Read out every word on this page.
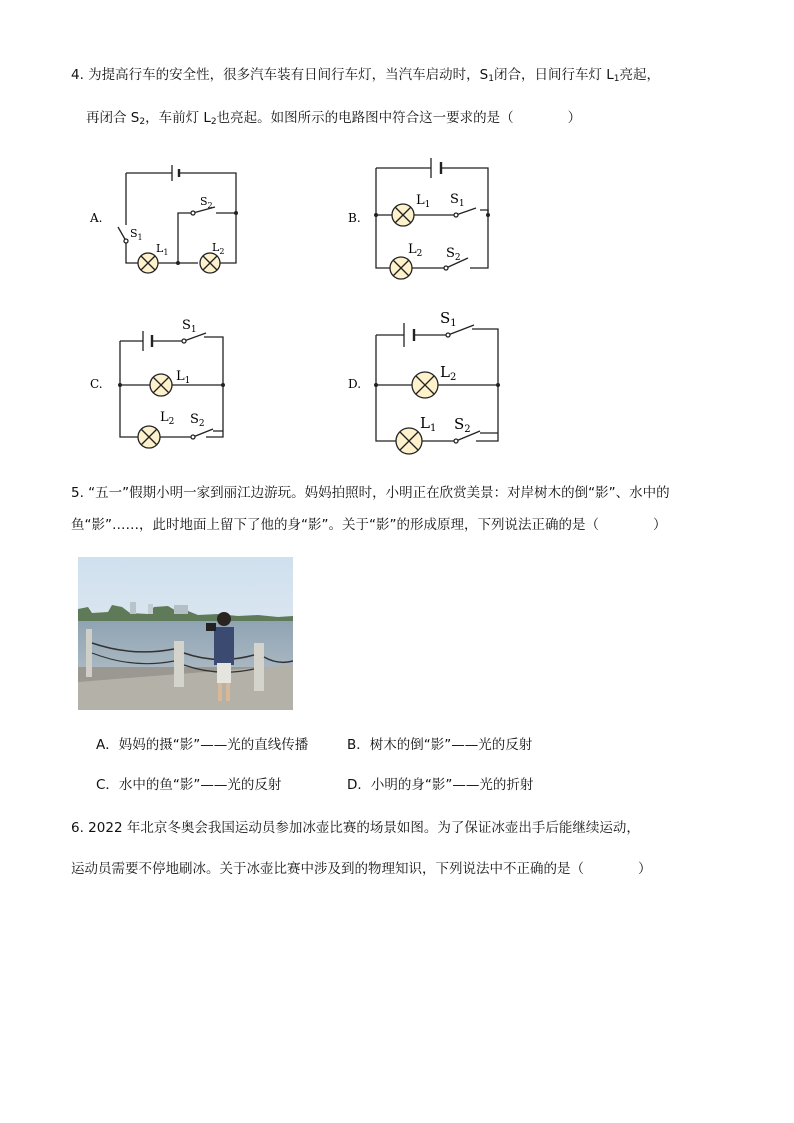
4. 为提高行车的安全性，很多汽车装有日间行车灯，当汽车启动时，$S_1$闭合，日间行车灯 $L_1$亮起，
再闭合 $S_2$，车前灯 $L_2$也亮起。如图所示的电路图中符合这一要求的是（　　　　）
A.
$S_1$
$S_2$
$L_1$	$L_2$
B.
$L_1$ $S_1$
$L_2$ $S_2$
C.
$S_1$
$L_1$
$L_2$ $S_2$
D.
$S_1$
$L_2$
$L_1$ $S_2$
5. “五一”假期小明一家到丽江边游玩。妈妈拍照时，小明正在欣赏美景：对岸树木的倒“影”、水中的
鱼“影”……，此时地面上留下了他的身“影”。关于“影”的形成原理，下列说法正确的是（　　　　）
A．妈妈的摄“影”——光的直线传播	B．树木的倒“影”——光的反射
C．水中的鱼“影”——光的反射	D．小明的身“影”——光的折射
6. 2022 年北京冬奥会我国运动员参加冰壶比赛的场景如图。为了保证冰壶出手后能继续运动，
运动员需要不停地刷冰。关于冰壶比赛中涉及到的物理知识，下列说法中不正确的是（　　　　）
